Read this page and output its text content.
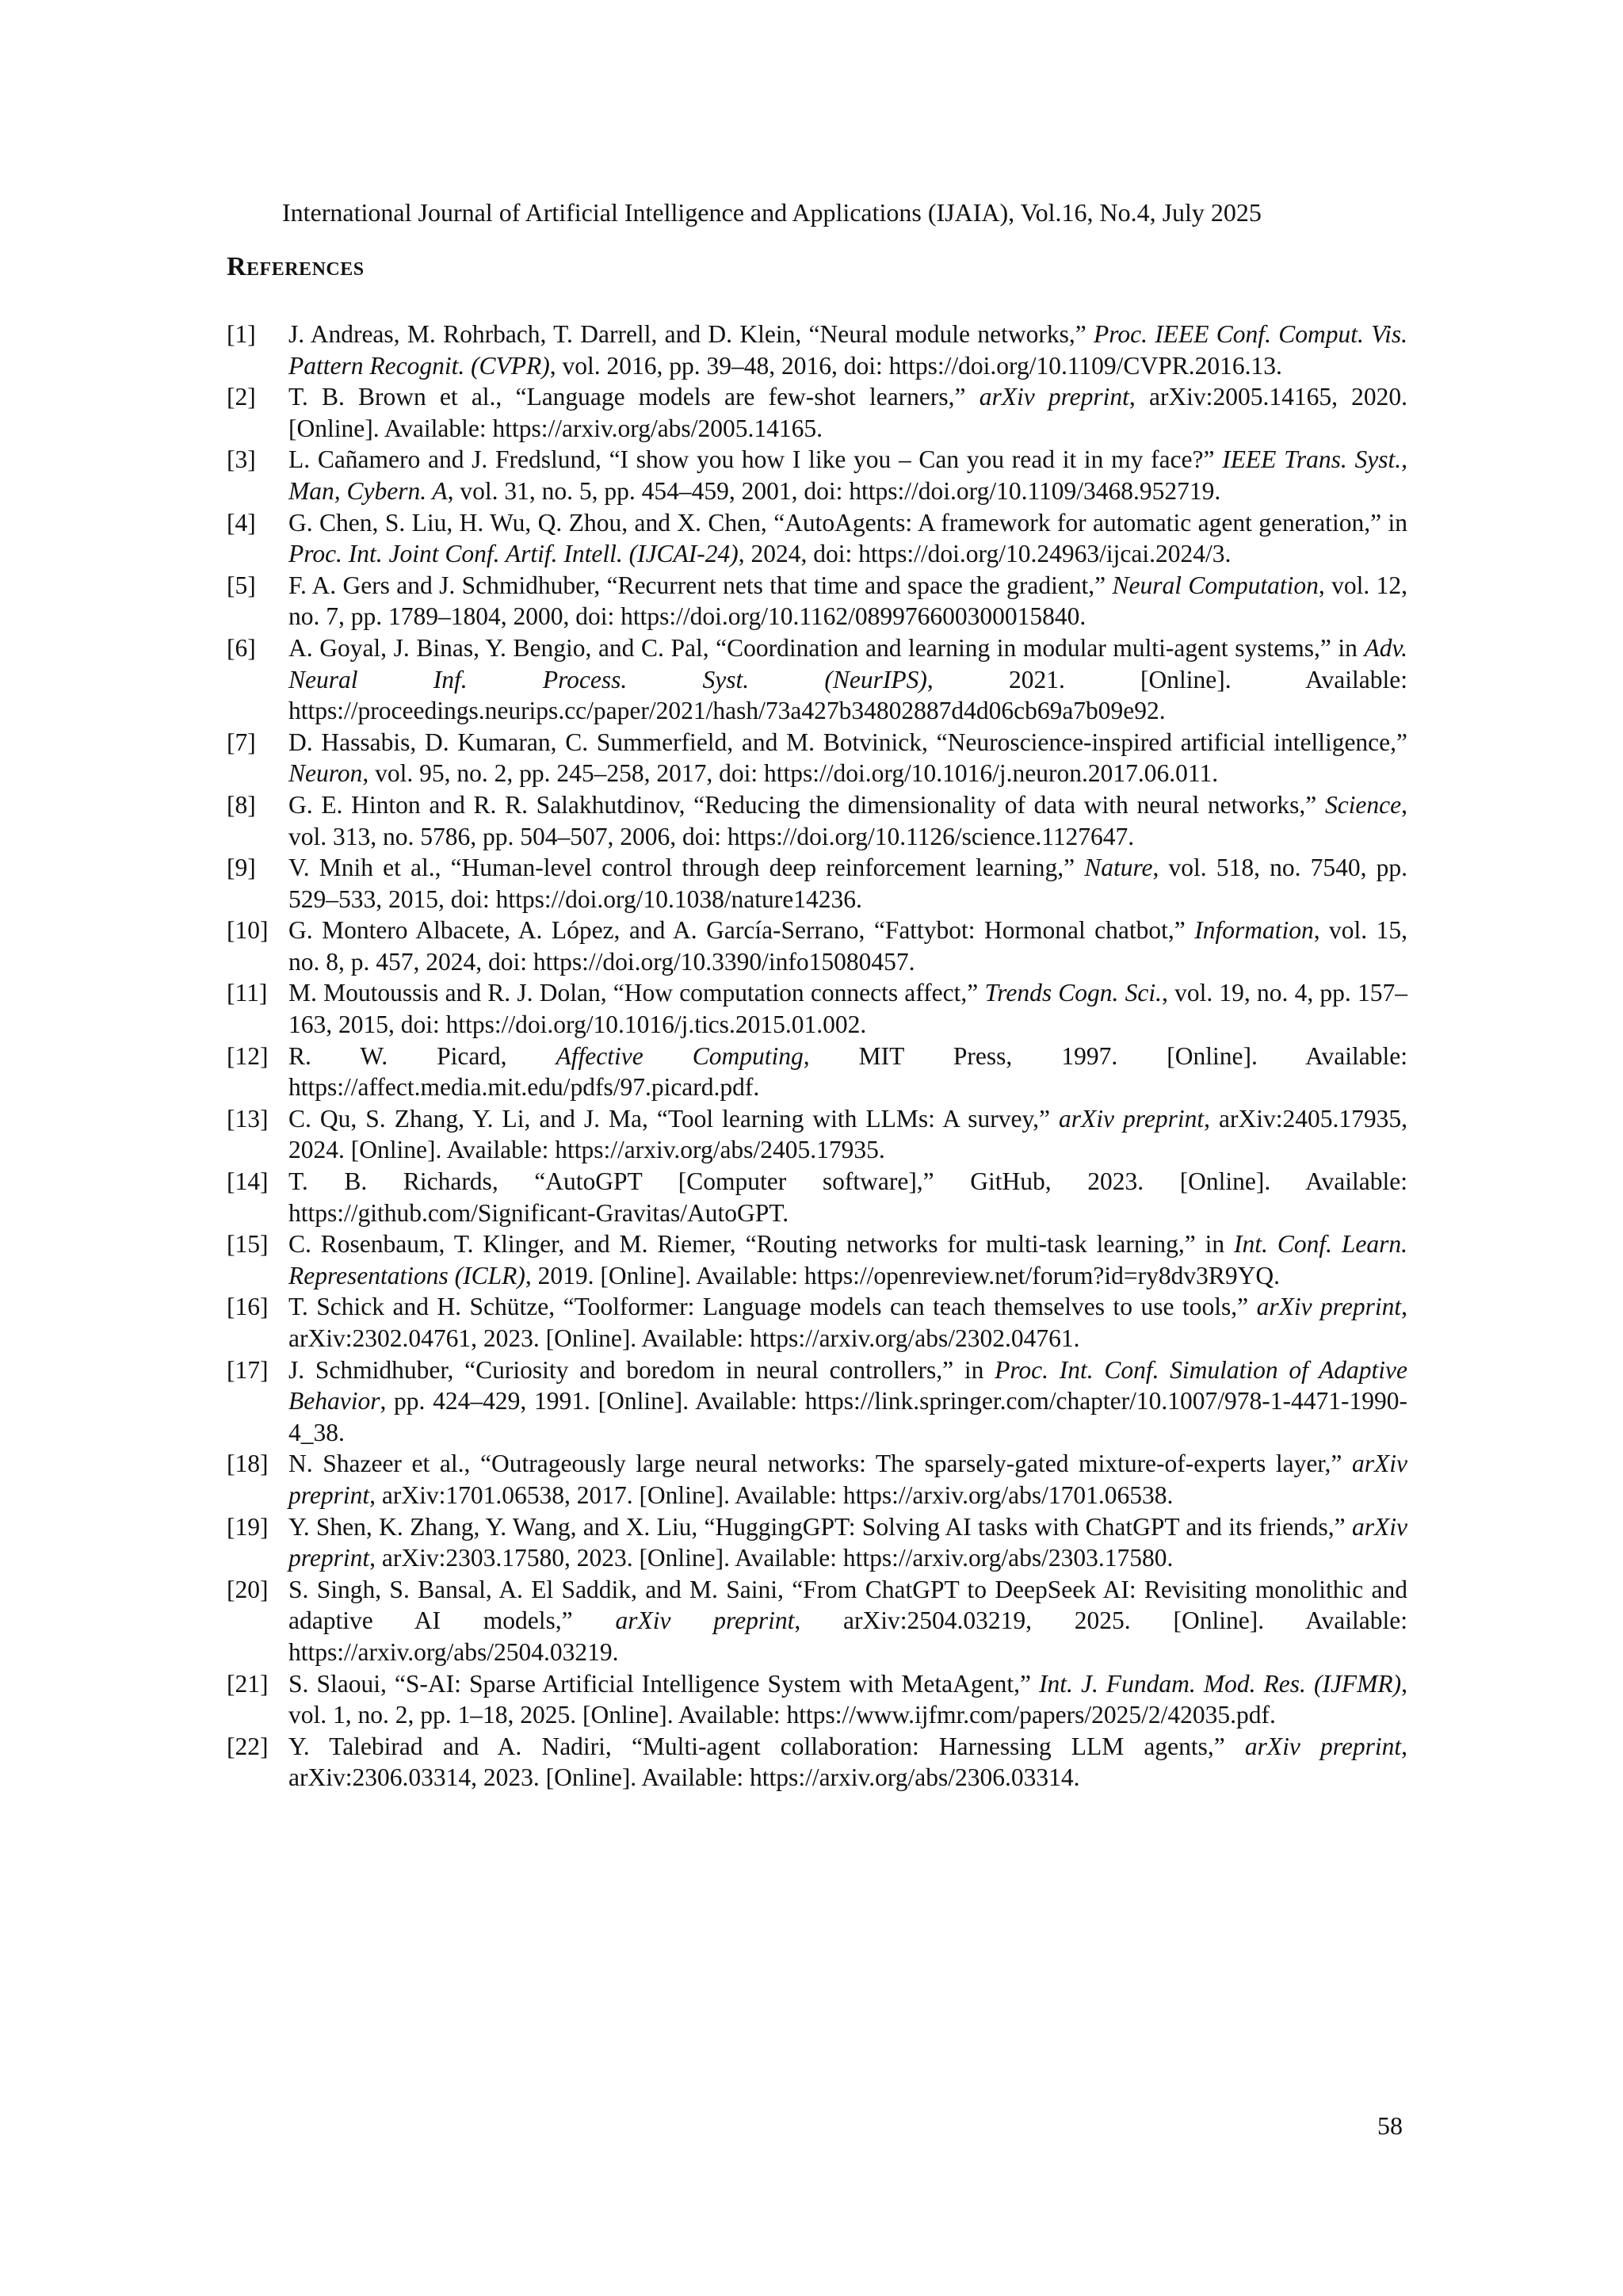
International Journal of Artificial Intelligence and Applications (IJAIA), Vol.16, No.4, July 2025
References
[1] J. Andreas, M. Rohrbach, T. Darrell, and D. Klein, “Neural module networks,” Proc. IEEE Conf. Comput. Vis. Pattern Recognit. (CVPR), vol. 2016, pp. 39–48, 2016, doi: https://doi.org/10.1109/CVPR.2016.13.
[2] T. B. Brown et al., “Language models are few-shot learners,” arXiv preprint, arXiv:2005.14165, 2020. [Online]. Available: https://arxiv.org/abs/2005.14165.
[3] L. Cañamero and J. Fredslund, “I show you how I like you – Can you read it in my face?” IEEE Trans. Syst., Man, Cybern. A, vol. 31, no. 5, pp. 454–459, 2001, doi: https://doi.org/10.1109/3468.952719.
[4] G. Chen, S. Liu, H. Wu, Q. Zhou, and X. Chen, “AutoAgents: A framework for automatic agent generation,” in Proc. Int. Joint Conf. Artif. Intell. (IJCAI-24), 2024, doi: https://doi.org/10.24963/ijcai.2024/3.
[5] F. A. Gers and J. Schmidhuber, “Recurrent nets that time and space the gradient,” Neural Computation, vol. 12, no. 7, pp. 1789–1804, 2000, doi: https://doi.org/10.1162/089976600300015840.
[6] A. Goyal, J. Binas, Y. Bengio, and C. Pal, “Coordination and learning in modular multi-agent systems,” in Adv. Neural Inf. Process. Syst. (NeurIPS), 2021. [Online]. Available: https://proceedings.neurips.cc/paper/2021/hash/73a427b34802887d4d06cb69a7b09e92.
[7] D. Hassabis, D. Kumaran, C. Summerfield, and M. Botvinick, “Neuroscience-inspired artificial intelligence,” Neuron, vol. 95, no. 2, pp. 245–258, 2017, doi: https://doi.org/10.1016/j.neuron.2017.06.011.
[8] G. E. Hinton and R. R. Salakhutdinov, “Reducing the dimensionality of data with neural networks,” Science, vol. 313, no. 5786, pp. 504–507, 2006, doi: https://doi.org/10.1126/science.1127647.
[9] V. Mnih et al., “Human-level control through deep reinforcement learning,” Nature, vol. 518, no. 7540, pp. 529–533, 2015, doi: https://doi.org/10.1038/nature14236.
[10] G. Montero Albacete, A. López, and A. García-Serrano, “Fattybot: Hormonal chatbot,” Information, vol. 15, no. 8, p. 457, 2024, doi: https://doi.org/10.3390/info15080457.
[11] M. Moutoussis and R. J. Dolan, “How computation connects affect,” Trends Cogn. Sci., vol. 19, no. 4, pp. 157–163, 2015, doi: https://doi.org/10.1016/j.tics.2015.01.002.
[12] R. W. Picard, Affective Computing, MIT Press, 1997. [Online]. Available: https://affect.media.mit.edu/pdfs/97.picard.pdf.
[13] C. Qu, S. Zhang, Y. Li, and J. Ma, “Tool learning with LLMs: A survey,” arXiv preprint, arXiv:2405.17935, 2024. [Online]. Available: https://arxiv.org/abs/2405.17935.
[14] T. B. Richards, “AutoGPT [Computer software],” GitHub, 2023. [Online]. Available: https://github.com/Significant-Gravitas/AutoGPT.
[15] C. Rosenbaum, T. Klinger, and M. Riemer, “Routing networks for multi-task learning,” in Int. Conf. Learn. Representations (ICLR), 2019. [Online]. Available: https://openreview.net/forum?id=ry8dv3R9YQ.
[16] T. Schick and H. Schütze, “Toolformer: Language models can teach themselves to use tools,” arXiv preprint, arXiv:2302.04761, 2023. [Online]. Available: https://arxiv.org/abs/2302.04761.
[17] J. Schmidhuber, “Curiosity and boredom in neural controllers,” in Proc. Int. Conf. Simulation of Adaptive Behavior, pp. 424–429, 1991. [Online]. Available: https://link.springer.com/chapter/10.1007/978-1-4471-1990-4_38.
[18] N. Shazeer et al., “Outrageously large neural networks: The sparsely-gated mixture-of-experts layer,” arXiv preprint, arXiv:1701.06538, 2017. [Online]. Available: https://arxiv.org/abs/1701.06538.
[19] Y. Shen, K. Zhang, Y. Wang, and X. Liu, “HuggingGPT: Solving AI tasks with ChatGPT and its friends,” arXiv preprint, arXiv:2303.17580, 2023. [Online]. Available: https://arxiv.org/abs/2303.17580.
[20] S. Singh, S. Bansal, A. El Saddik, and M. Saini, “From ChatGPT to DeepSeek AI: Revisiting monolithic and adaptive AI models,” arXiv preprint, arXiv:2504.03219, 2025. [Online]. Available: https://arxiv.org/abs/2504.03219.
[21] S. Slaoui, “S-AI: Sparse Artificial Intelligence System with MetaAgent,” Int. J. Fundam. Mod. Res. (IJFMR), vol. 1, no. 2, pp. 1–18, 2025. [Online]. Available: https://www.ijfmr.com/papers/2025/2/42035.pdf.
[22] Y. Talebirad and A. Nadiri, “Multi-agent collaboration: Harnessing LLM agents,” arXiv preprint, arXiv:2306.03314, 2023. [Online]. Available: https://arxiv.org/abs/2306.03314.
58
